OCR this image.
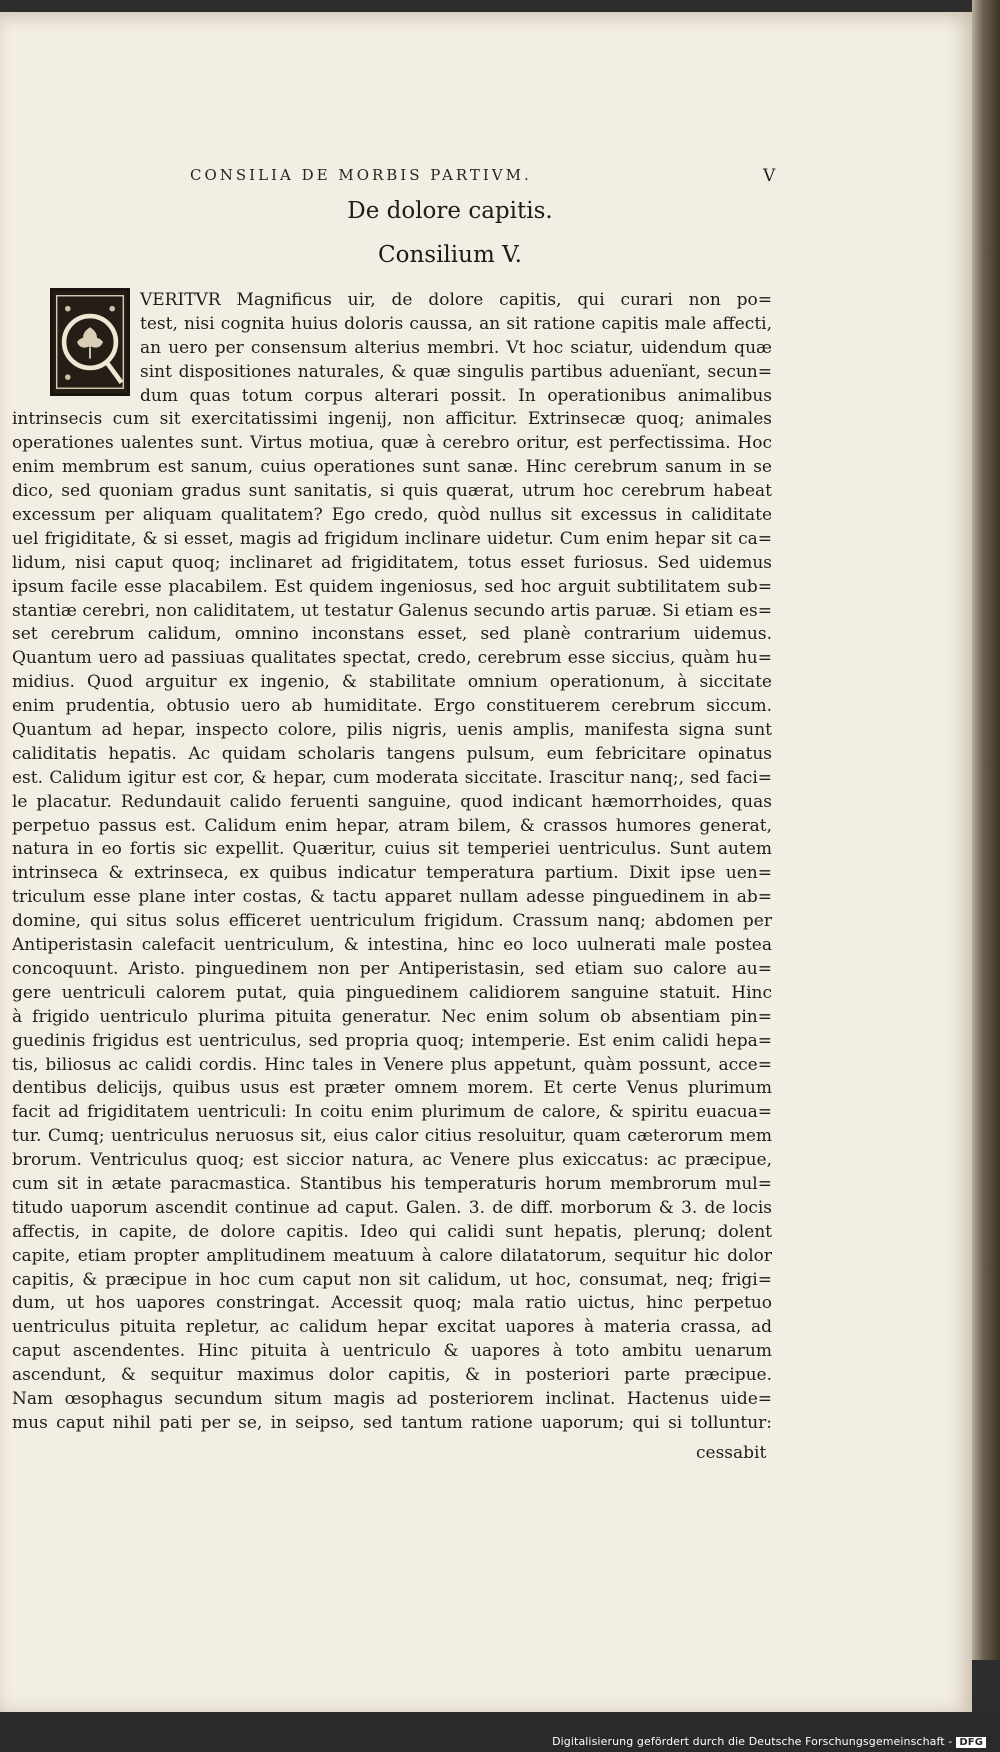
CONSILIA DE MORBIS PARTIVM.	V
De dolore capitis.
Consilium V.
VERITVR Magnificus uir, de dolore capitis, qui curari non po=
test, nisi cognita huius doloris caussa, an sit ratione capitis male affecti,
an uero per consensum alterius membri. Vt hoc sciatur, uidendum quæ
sint dispositiones naturales, & quæ singulis partibus aduenïant, secun=
dum quas totum corpus alterari possit. In operationibus animalibus
intrinsecis cum sit exercitatissimi ingenij, non afficitur. Extrinsecæ quoq; animales
operationes ualentes sunt. Virtus motiua, quæ à cerebro oritur, est perfectissima. Hoc
enim membrum est sanum, cuius operationes sunt sanæ. Hinc cerebrum sanum in se
dico, sed quoniam gradus sunt sanitatis, si quis quærat, utrum hoc cerebrum habeat
excessum per aliquam qualitatem? Ego credo, quòd nullus sit excessus in caliditate
uel frigiditate, & si esset, magis ad frigidum inclinare uidetur. Cum enim hepar sit ca=
lidum, nisi caput quoq; inclinaret ad frigiditatem, totus esset furiosus. Sed uidemus
ipsum facile esse placabilem. Est quidem ingeniosus, sed hoc arguit subtilitatem sub=
stantiæ cerebri, non caliditatem, ut testatur Galenus secundo artis paruæ. Si etiam es=
set cerebrum calidum, omnino inconstans esset, sed planè contrarium uidemus.
Quantum uero ad passiuas qualitates spectat, credo, cerebrum esse siccius, quàm hu=
midius. Quod arguitur ex ingenio, & stabilitate omnium operationum, à siccitate
enim prudentia, obtusio uero ab humiditate. Ergo constituerem cerebrum siccum.
Quantum ad hepar, inspecto colore, pilis nigris, uenis amplis, manifesta signa sunt
caliditatis hepatis. Ac quidam scholaris tangens pulsum, eum febricitare opinatus
est. Calidum igitur est cor, & hepar, cum moderata siccitate. Irascitur nanq;, sed faci=
le placatur. Redundauit calido feruenti sanguine, quod indicant hæmorrhoides, quas
perpetuo passus est. Calidum enim hepar, atram bilem, & crassos humores generat,
natura in eo fortis sic expellit. Quæritur, cuius sit temperiei uentriculus. Sunt autem
intrinseca & extrinseca, ex quibus indicatur temperatura partium. Dixit ipse uen=
triculum esse plane inter costas, & tactu apparet nullam adesse pinguedinem in ab=
domine, qui situs solus efficeret uentriculum frigidum. Crassum nanq; abdomen per
Antiperistasin calefacit uentriculum, & intestina, hinc eo loco uulnerati male postea
concoquunt. Aristo. pinguedinem non per Antiperistasin, sed etiam suo calore au=
gere uentriculi calorem putat, quia pinguedinem calidiorem sanguine statuit. Hinc
à frigido uentriculo plurima pituita generatur. Nec enim solum ob absentiam pin=
guedinis frigidus est uentriculus, sed propria quoq; intemperie. Est enim calidi hepa=
tis, biliosus ac calidi cordis. Hinc tales in Venere plus appetunt, quàm possunt, acce=
dentibus delicijs, quibus usus est præter omnem morem. Et certe Venus plurimum
facit ad frigiditatem uentriculi: In coitu enim plurimum de calore, & spiritu euacua=
tur. Cumq; uentriculus neruosus sit, eius calor citius resoluitur, quam cæterorum mem
brorum. Ventriculus quoq; est siccior natura, ac Venere plus exiccatus: ac præcipue,
cum sit in ætate paracmastica. Stantibus his temperaturis horum membrorum mul=
titudo uaporum ascendit continue ad caput. Galen. 3. de diff. morborum & 3. de locis
affectis, in capite, de dolore capitis. Ideo qui calidi sunt hepatis, plerunq; dolent
capite, etiam propter amplitudinem meatuum à calore dilatatorum, sequitur hic dolor
capitis, & præcipue in hoc cum caput non sit calidum, ut hoc, consumat, neq; frigi=
dum, ut hos uapores constringat. Accessit quoq; mala ratio uictus, hinc perpetuo
uentriculus pituita repletur, ac calidum hepar excitat uapores à materia crassa, ad
caput ascendentes. Hinc pituita à uentriculo & uapores à toto ambitu uenarum
ascendunt, & sequitur maximus dolor capitis, & in posteriori parte præcipue.
Nam œsophagus secundum situm magis ad posteriorem inclinat. Hactenus uide=
mus caput nihil pati per se, in seipso, sed tantum ratione uaporum; qui si tolluntur:
cessabit
Digitalisierung gefördert durch die Deutsche Forschungsgemeinschaft - DFG
